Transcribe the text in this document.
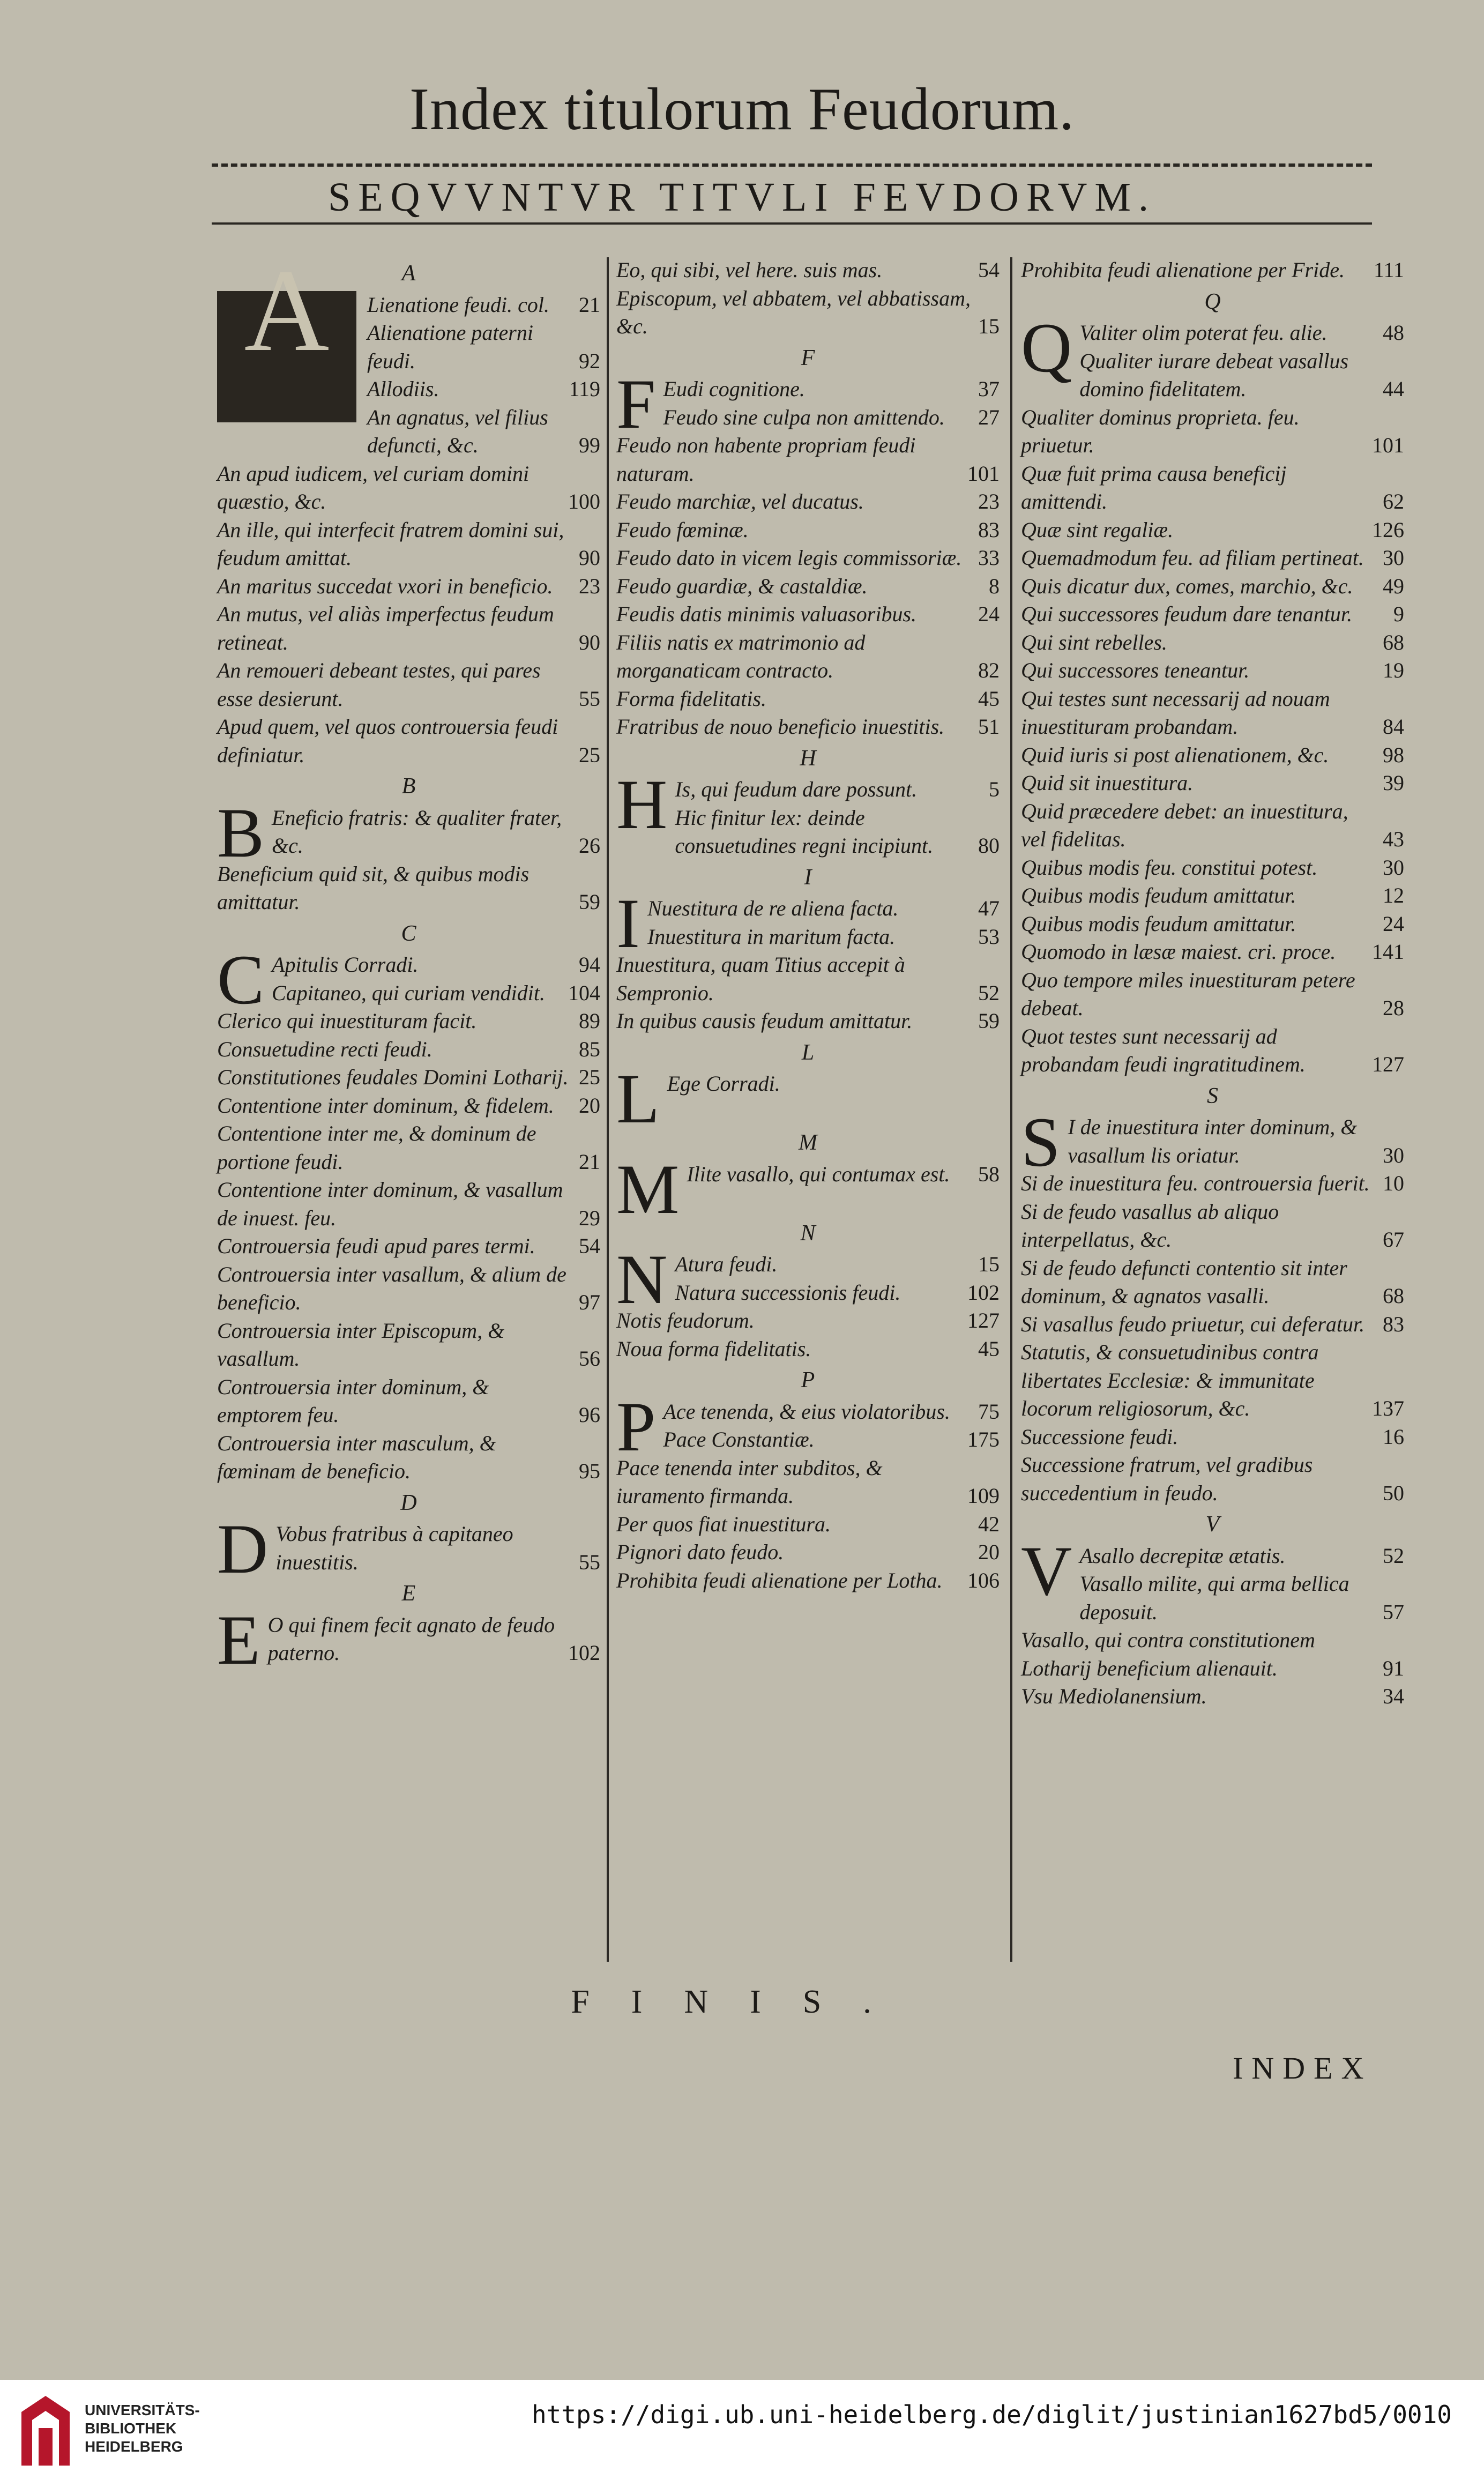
Index titulorum Feudorum.
SEQVVNTVR TITVLI FEVDORVM.
A
A	Lienatione feudi. col.	21
Alienatione paterni feudi.	92
Allodiis.	119
An agnatus, vel filius defuncti, &c.	99
An apud iudicem, vel curiam domini quæstio, &c.	100
An ille, qui interfecit fratrem domini sui, feudum amittat.	90
An maritus succedat vxori in beneficio.	23
An mutus, vel aliàs imperfectus feudum retineat.	90
An remoueri debeant testes, qui pares esse desierunt.	55
Apud quem, vel quos controuersia feudi definiatur.	25
B
B Eneficio fratris: & qualiter frater, &c.	26
Beneficium quid sit, & quibus modis amittatur.	59
C
C Apitulis Corradi.	94
Capitaneo, qui curiam vendidit.	104
Clerico qui inuestituram facit.	89
Consuetudine recti feudi.	85
Constitutiones feudales Domini Lotharij. 25
Contentione inter dominum, & fidelem.	20
Contentione inter me, & dominum de portione feudi.	21
Contentione inter dominum, & vasallum de inuest. feu.	29
Controuersia feudi apud pares termi.	54
Controuersia inter vasallum, & alium de beneficio.	97
Controuersia inter Episcopum, & vasallum.	56
Controuersia inter dominum, & emptorem feu.	96
Controuersia inter masculum, & fœminam de beneficio.	95
D
D Vobus fratribus à capitaneo inuestitis.	55
E
E O qui finem fecit agnato de feudo paterno.	102
Eo, qui sibi, vel here. suis mas.	54
Episcopum, vel abbatem, vel abbatissam, &c.	15
F
F Eudi cognitione.	37
Feudo sine culpa non amittendo.	27
Feudo non habente propriam feudi naturam.	101
Feudo marchiæ, vel ducatus.	23
Feudo fœminæ.	83
Feudo dato in vicem legis commissoriæ. 33
Feudo guardiæ, & castaldiæ.	8
Feudis datis minimis valuasoribus.	24
Filiis natis ex matrimonio ad morganaticam contracto.	82
Forma fidelitatis.	45
Fratribus de nouo beneficio inuestitis.	51
H
H Is, qui feudum dare possunt.	5
Hic finitur lex: deinde consuetudines regni incipiunt.	80
I
I Nuestitura de re aliena facta.	47
Inuestitura in maritum facta.	53
Inuestitura, quam Titius accepit à Sempronio.	52
In quibus causis feudum amittatur.	59
L
L Ege Corradi.
M
M Ilite vasallo, qui contumax est.	58
N
N Atura feudi.	15
Natura successionis feudi.	102
Notis feudorum.	127
Noua forma fidelitatis.	45
P
P Ace tenenda, & eius violatoribus.	75
Pace Constantiæ.	175
Pace tenenda inter subditos, & iuramento firmanda.	109
Per quos fiat inuestitura.	42
Pignori dato feudo.	20
Prohibita feudi alienatione per Lotha.	106
Prohibita feudi alienatione per Fride.	111
Q
Q Valiter olim poterat feu. alie.	48
Qualiter iurare debeat vasallus domino fidelitatem.	44
Qualiter dominus proprieta. feu. priuetur.	101
Quæ fuit prima causa beneficij amittendi.	62
Quæ sint regaliæ.	126
Quemadmodum feu. ad filiam pertineat. 30
Quis dicatur dux, comes, marchio, &c.	49
Qui successores feudum dare tenantur.	9
Qui sint rebelles.	68
Qui successores teneantur.	19
Qui testes sunt necessarij ad nouam inuestituram probandam.	84
Quid iuris si post alienationem, &c.	98
Quid sit inuestitura.	39
Quid præcedere debet: an inuestitura, vel fidelitas.	43
Quibus modis feu. constitui potest.	30
Quibus modis feudum amittatur.	12
Quibus modis feudum amittatur.	24
Quomodo in læsæ maiest. cri. proce.	141
Quo tempore miles inuestituram petere debeat.	28
Quot testes sunt necessarij ad probandam feudi ingratitudinem.	127
S
S I de inuestitura inter dominum, & vasallum lis oriatur.	30
Si de inuestitura feu. controuersia fuerit. 10
Si de feudo vasallus ab aliquo interpellatus, &c.	67
Si de feudo defuncti contentio sit inter dominum, & agnatos vasalli.	68
Si vasallus feudo priuetur, cui deferatur. 83
Statutis, & consuetudinibus contra libertates Ecclesiæ: & immunitate locorum religiosorum, &c.	137
Successione feudi.	16
Successione fratrum, vel gradibus succedentium in feudo.	50
V
V Asallo decrepitæ ætatis.	52
Vasallo milite, qui arma bellica deposuit.	57
Vasallo, qui contra constitutionem Lotharij beneficium alienauit.	91
Vsu Mediolanensium.	34
FINIS.
INDEX
UNIVERSITÄTS-
BIBLIOTHEK
HEIDELBERG
https://digi.ub.uni-heidelberg.de/diglit/justinian1627bd5/0010
